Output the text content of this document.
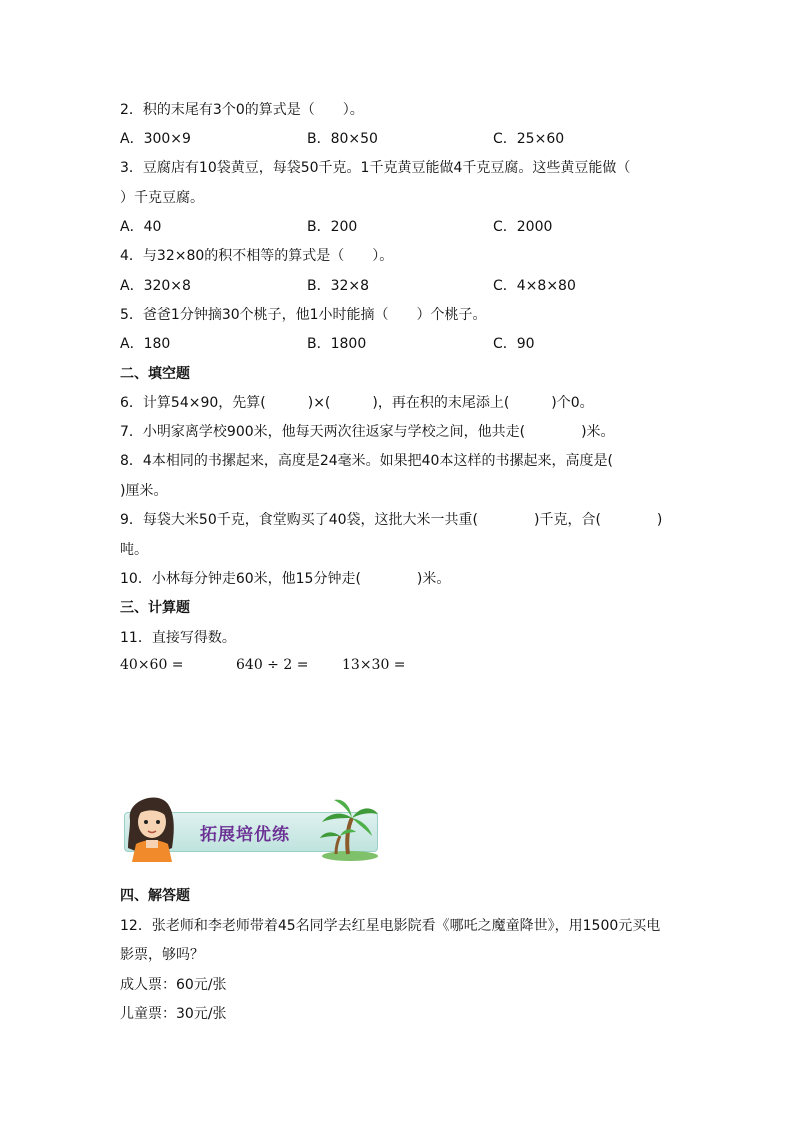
2．积的末尾有3个0的算式是（　　）。
A．300×9	B．80×50	C．25×60
3．豆腐店有10袋黄豆，每袋50千克。1千克黄豆能做4千克豆腐。这些黄豆能做（
）千克豆腐。
A．40	B．200	C．2000
4．与32×80的积不相等的算式是（　　）。
A．320×8	B．32×8	C．4×8×80
5．爸爸1分钟摘30个桃子，他1小时能摘（　　）个桃子。
A．180	B．1800	C．90
二、填空题
6．计算54×90，先算(　　　)×(　　　)，再在积的末尾添上(　　　)个0。
7．小明家离学校900米，他每天两次往返家与学校之间，他共走(　　　　)米。
8．4本相同的书摞起来，高度是24毫米。如果把40本这样的书摞起来，高度是(
)厘米。
9．每袋大米50千克，食堂购买了40袋，这批大米一共重(　　　　)千克，合(　　　　)
吨。
10．小林每分钟走60米，他15分钟走(　　　　)米。
三、计算题
11．直接写得数。
40×60 =	640 ÷ 2 = 13×30 =
拓展培优练
四、解答题
12．张老师和李老师带着45名同学去红星电影院看《哪吒之魔童降世》，用1500元买电
影票，够吗？
成人票：60元/张
儿童票：30元/张
